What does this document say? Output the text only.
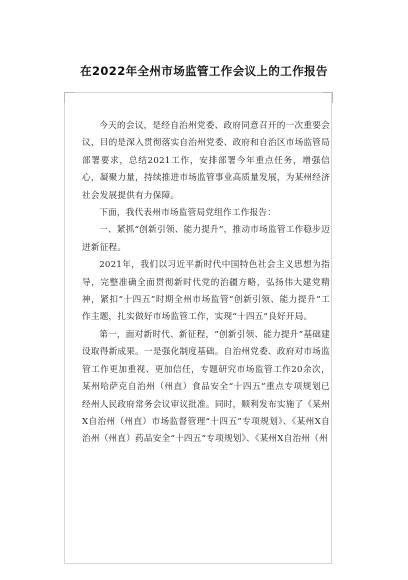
在2022年全州市场监管工作会议上的工作报告

今天的会议，是经自治州党委、政府同意召开的一次重要会议，目的是深入贯彻落实自治州党委、政府和自治区市场监管局部署要求，总结2021工作，安排部署今年重点任务，增强信心，凝聚力量，持续推进市场监管事业高质量发展，为某州经济社会发展提供有力保障。

下面，我代表州市场监管局党组作工作报告：

一、紧抓“创新引领、能力提升”，推动市场监管工作稳步迈进新征程。

2021年，我们以习近平新时代中国特色社会主义思想为指导，完整准确全面贯彻新时代党的治疆方略，弘扬伟大建党精神，紧扣“十四五”时期全州市场监管“创新引领、能力提升”工作主题，扎实做好市场监管工作，实现“十四五”良好开局。

第一，面对新时代、新征程，“创新引领、能力提升”基础建设取得新成果。一是强化制度基础。自治州党委、政府对市场监管工作更加重视、更加信任，专题研究市场监管工作20余次，某州哈萨克自治州（州直）食品安全“十四五”重点专项规划已经州人民政府常务会议审议批准。同时，顺利发布实施了《某州X自治州（州直）市场监督管理“十四五”专项规划》、《某州X自治州（州直）药品安全“十四五”专项规划》、《某州X自治州（州
